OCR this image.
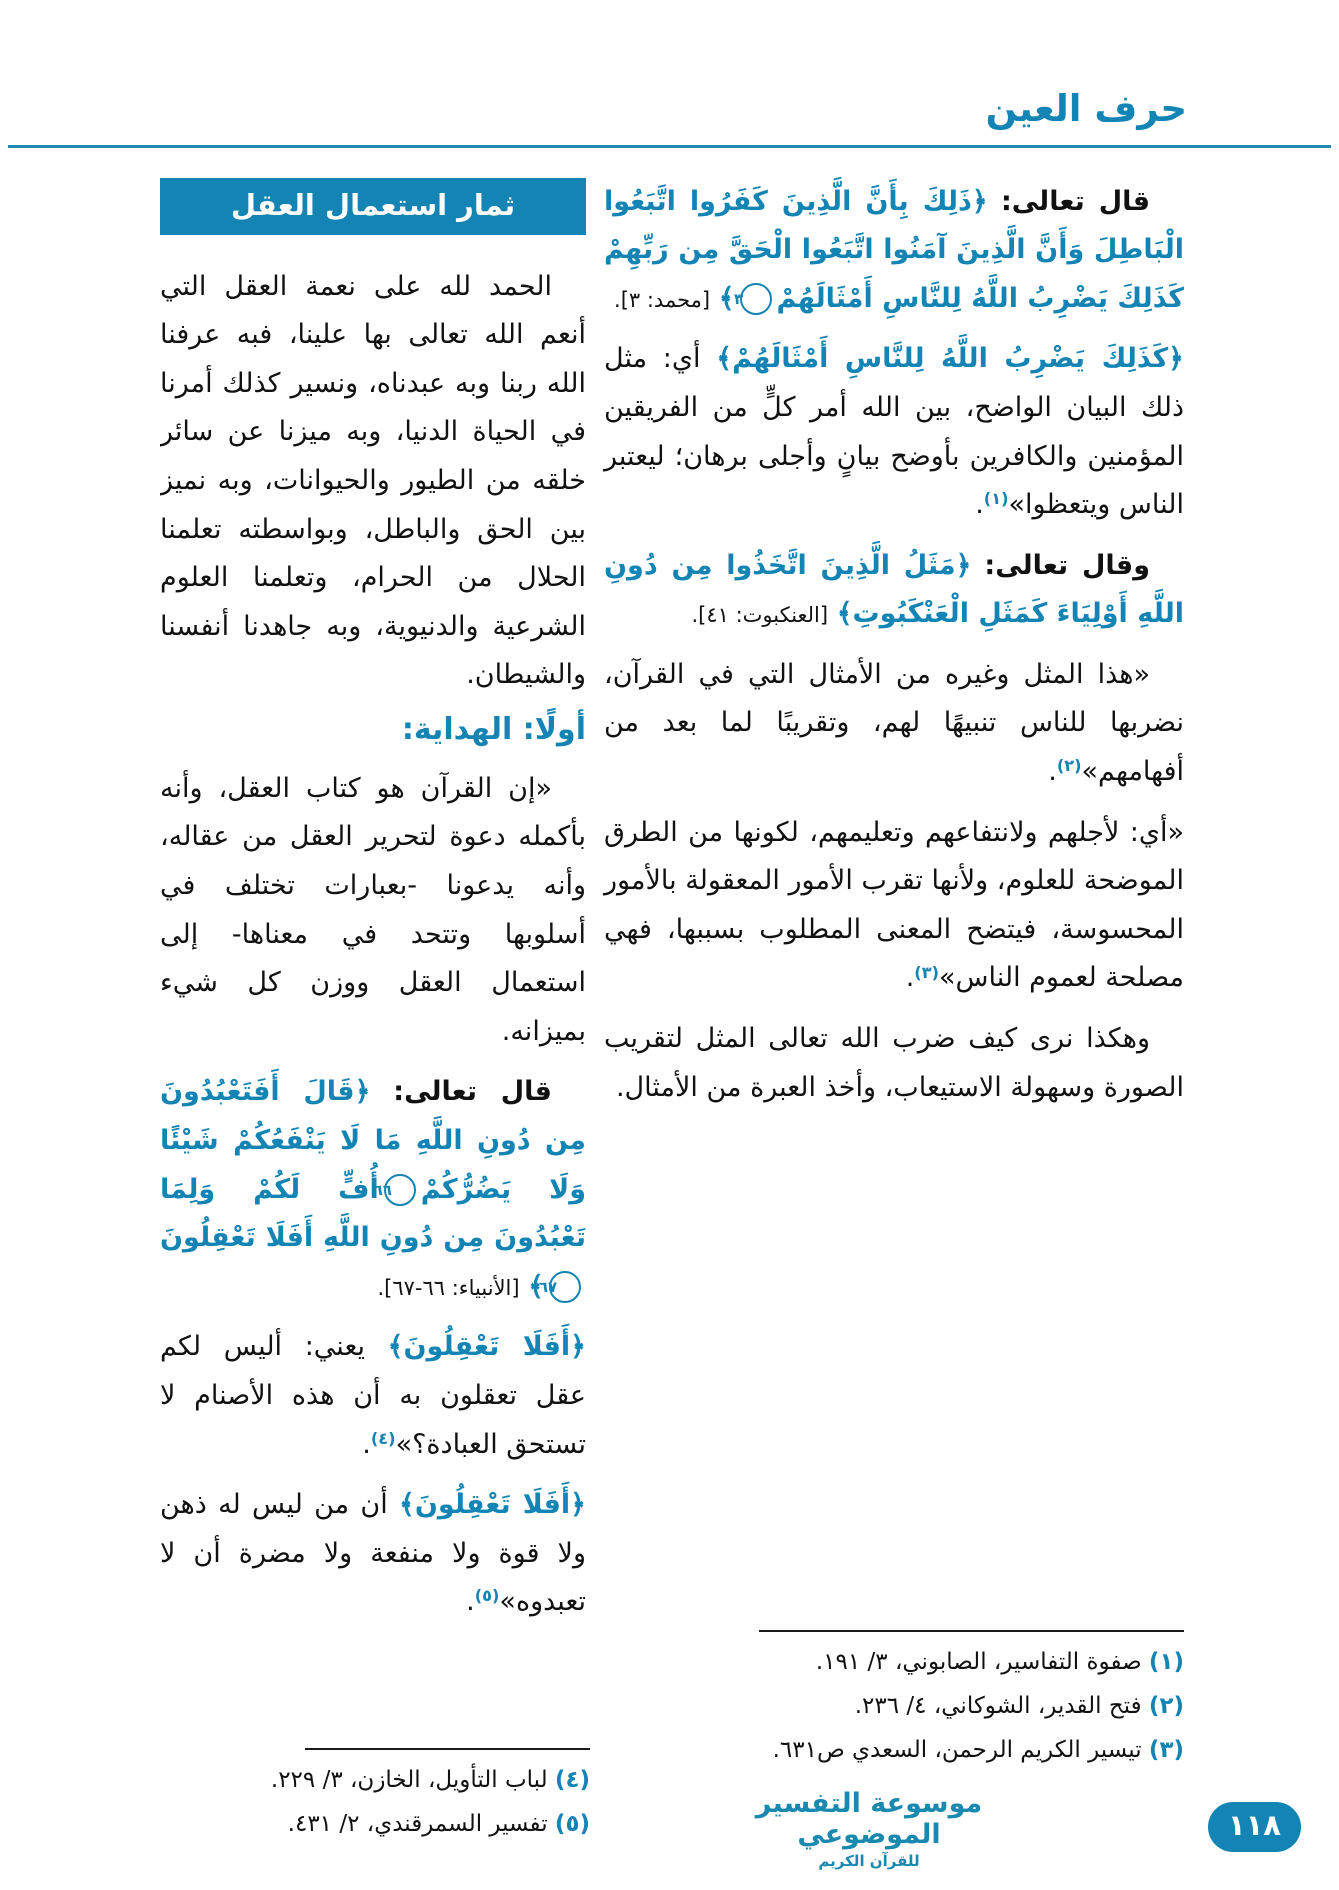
حرف العين

قال تعالى: ﴿ذَلِكَ بِأَنَّ الَّذِينَ كَفَرُوا اتَّبَعُوا الْبَاطِلَ وَأَنَّ الَّذِينَ آمَنُوا اتَّبَعُوا الْحَقَّ مِن رَبِّهِمْ كَذَلِكَ يَضْرِبُ اللَّهُ لِلنَّاسِ أَمْثَالَهُمْ٣﴾ [محمد: ٣].

﴿كَذَلِكَ يَضْرِبُ اللَّهُ لِلنَّاسِ أَمْثَالَهُمْ﴾ أي: مثل ذلك البيان الواضح، بين الله أمر كلٍّ من الفريقين المؤمنين والكافرين بأوضح بيانٍ وأجلى برهان؛ ليعتبر الناس ويتعظوا»$^{(١)}$.

وقال تعالى: ﴿مَثَلُ الَّذِينَ اتَّخَذُوا مِن دُونِ اللَّهِ أَوْلِيَاءَ كَمَثَلِ الْعَنْكَبُوتِ﴾ [العنكبوت: ٤١].

«هذا المثل وغيره من الأمثال التي في القرآن، نضربها للناس تنبيهًا لهم، وتقريبًا لما بعد من أفهامهم»$^{(٢)}$.

«أي: لأجلهم ولانتفاعهم وتعليمهم، لكونها من الطرق الموضحة للعلوم، ولأنها تقرب الأمور المعقولة بالأمور المحسوسة، فيتضح المعنى المطلوب بسببها، فهي مصلحة لعموم الناس»$^{(٣)}$.

وهكذا نرى كيف ضرب الله تعالى المثل لتقريب الصورة وسهولة الاستيعاب، وأخذ العبرة من الأمثال.

ثمار استعمال العقل

الحمد لله على نعمة العقل التي أنعم الله تعالى بها علينا، فبه عرفنا الله ربنا وبه عبدناه، ونسير كذلك أمرنا في الحياة الدنيا، وبه ميزنا عن سائر خلقه من الطيور والحيوانات، وبه نميز بين الحق والباطل، وبواسطته تعلمنا الحلال من الحرام، وتعلمنا العلوم الشرعية والدنيوية، وبه جاهدنا أنفسنا والشيطان.

أولًا: الهداية:

«إن القرآن هو كتاب العقل، وأنه بأكمله دعوة لتحرير العقل من عقاله، وأنه يدعونا -بعبارات تختلف في أسلوبها وتتحد في معناها- إلى استعمال العقل ووزن كل شيء بميزانه.

قال تعالى: ﴿قَالَ أَفَتَعْبُدُونَ مِن دُونِ اللَّهِ مَا لَا يَنْفَعُكُمْ شَيْئًا وَلَا يَضُرُّكُمْ٦٦أُفٍّ لَكُمْ وَلِمَا تَعْبُدُونَ مِن دُونِ اللَّهِ أَفَلَا تَعْقِلُونَ٦٧﴾ [الأنبياء: ٦٦-٦٧].

﴿أَفَلَا تَعْقِلُونَ﴾ يعني: أليس لكم عقل تعقلون به أن هذه الأصنام لا تستحق العبادة؟»$^{(٤)}$.

﴿أَفَلَا تَعْقِلُونَ﴾ أن من ليس له ذهن ولا قوة ولا منفعة ولا مضرة أن لا تعبدوه»$^{(٥)}$.

(١) صفوة التفاسير، الصابوني، ٣/ ١٩١.
(٢) فتح القدير، الشوكاني، ٤/ ٢٣٦.
(٣) تيسير الكريم الرحمن، السعدي ص٦٣١.
(٤) لباب التأويل، الخازن، ٣/ ٢٢٩.
(٥) تفسير السمرقندي، ٢/ ٤٣١.
موسوعة التفسير الموضوعي
للقرآن الكريم
١١٨
